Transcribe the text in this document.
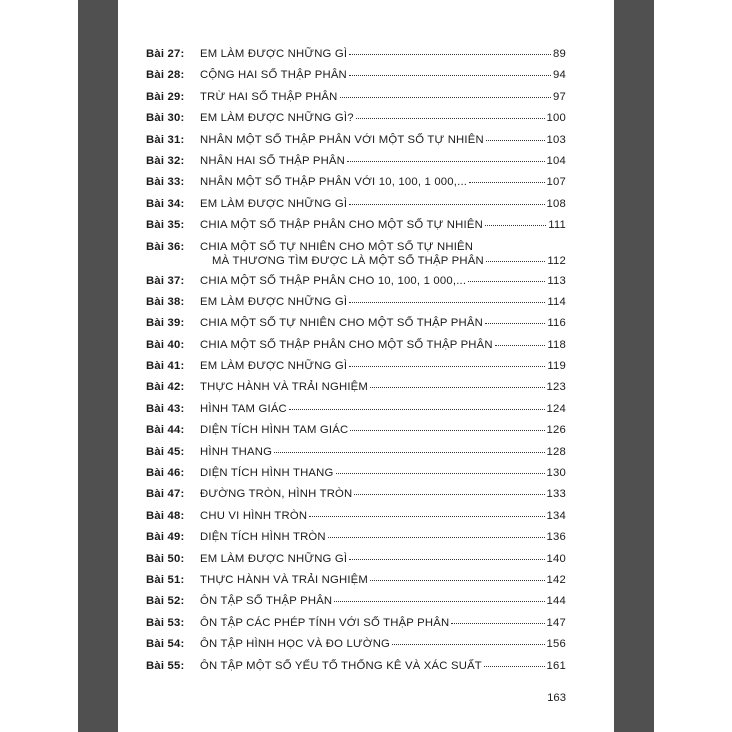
Bài 27: EM LÀM ĐƯỢC NHỮNG GÌ	89
Bài 28: CỘNG HAI SỐ THẬP PHÂN	94
Bài 29: TRỪ HAI SỐ THẬP PHÂN	97
Bài 30: EM LÀM ĐƯỢC NHỮNG GÌ?	100
Bài 31: NHÂN MỘT SỐ THẬP PHÂN VỚI MỘT SỐ TỰ NHIÊN	103
Bài 32: NHÂN HAI SỐ THẬP PHÂN	104
Bài 33: NHÂN MỘT SỐ THẬP PHÂN VỚI 10, 100, 1 000,...	107
Bài 34: EM LÀM ĐƯỢC NHỮNG GÌ	108
Bài 35: CHIA MỘT SỐ THẬP PHÂN CHO MỘT SỐ TỰ NHIÊN	111
Bài 36: CHIA MỘT SỐ TỰ NHIÊN CHO MỘT SỐ TỰ NHIÊN
MÀ THƯƠNG TÌM ĐƯỢC LÀ MỘT SỐ THẬP PHÂN	112
Bài 37: CHIA MỘT SỐ THẬP PHÂN CHO 10, 100, 1 000,...	113
Bài 38: EM LÀM ĐƯỢC NHỮNG GÌ	114
Bài 39: CHIA MỘT SỐ TỰ NHIÊN CHO MỘT SỐ THẬP PHÂN	116
Bài 40: CHIA MỘT SỐ THẬP PHÂN CHO MỘT SỐ THẬP PHÂN	118
Bài 41: EM LÀM ĐƯỢC NHỮNG GÌ	119
Bài 42: THỰC HÀNH VÀ TRẢI NGHIỆM	123
Bài 43: HÌNH TAM GIÁC	124
Bài 44: DIỆN TÍCH HÌNH TAM GIÁC	126
Bài 45: HÌNH THANG	128
Bài 46: DIỆN TÍCH HÌNH THANG	130
Bài 47: ĐƯỜNG TRÒN, HÌNH TRÒN	133
Bài 48: CHU VI HÌNH TRÒN	134
Bài 49: DIỆN TÍCH HÌNH TRÒN	136
Bài 50: EM LÀM ĐƯỢC NHỮNG GÌ	140
Bài 51: THỰC HÀNH VÀ TRẢI NGHIỆM	142
Bài 52: ÔN TẬP SỐ THẬP PHÂN	144
Bài 53: ÔN TẬP CÁC PHÉP TÍNH VỚI SỐ THẬP PHÂN	147
Bài 54: ÔN TẬP HÌNH HỌC VÀ ĐO LƯỜNG	156
Bài 55: ÔN TẬP MỘT SỐ YẾU TỐ THỐNG KÊ VÀ XÁC SUẤT	161
163
